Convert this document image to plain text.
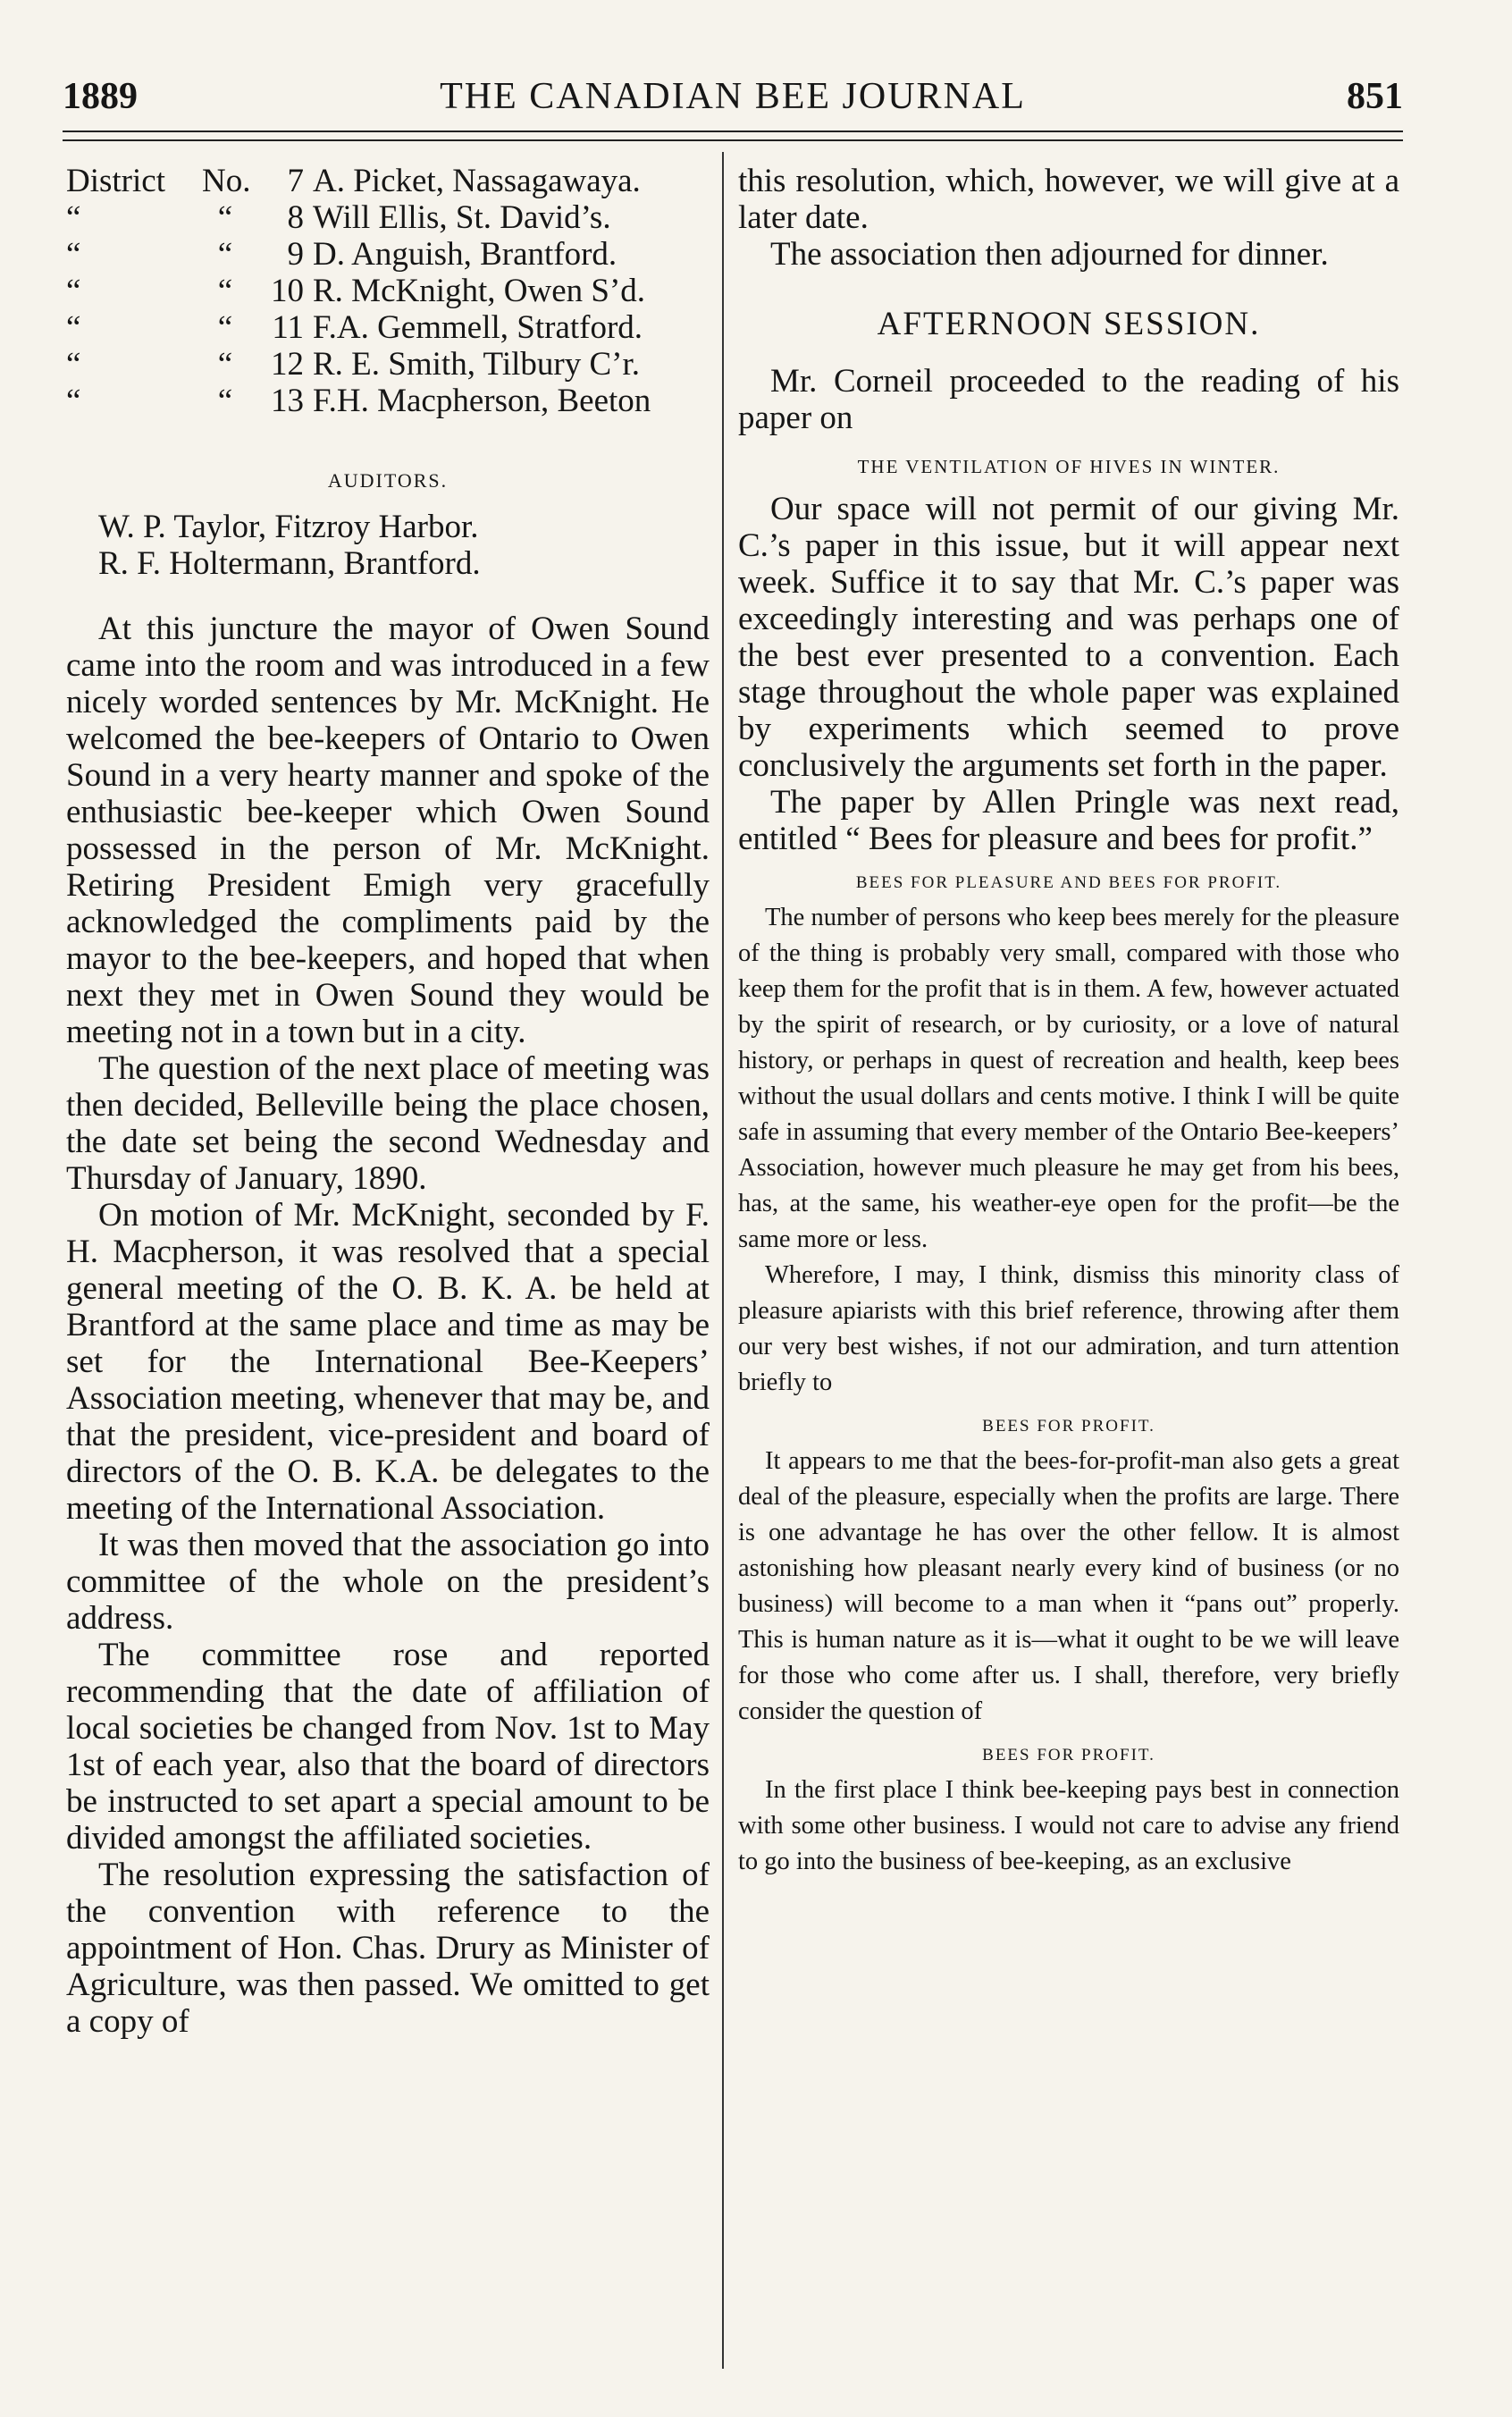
1889	THE CANADIAN BEE JOURNAL	851
District	No.	7 A. Picket, Nassagawaya.
“	“	8 Will Ellis, St. David’s.
“	“	9 D. Anguish, Brantford.
“	“	10 R. McKnight, Owen S’d.
“	“	11 F.A. Gemmell, Stratford.
“	“	12 R. E. Smith, Tilbury C’r.
“	“	13 F.H. Macpherson, Beeton
AUDITORS.
W. P. Taylor, Fitzroy Harbor.
R. F. Holtermann, Brantford.

At this juncture the mayor of Owen Sound came into the room and was introduced in a few nicely worded sentences by Mr. McKnight. He welcomed the bee-keepers of Ontario to Owen Sound in a very hearty manner and spoke of the enthusiastic bee-keeper which Owen Sound possessed in the person of Mr. McKnight. Retiring President Emigh very gracefully acknowledged the compliments paid by the mayor to the bee-keepers, and hoped that when next they met in Owen Sound they would be meeting not in a town but in a city.

The question of the next place of meeting was then decided, Belleville being the place chosen, the date set being the second Wednesday and Thursday of January, 1890.

On motion of Mr. McKnight, seconded by F. H. Macpherson, it was resolved that a special general meeting of the O. B. K. A. be held at Brantford at the same place and time as may be set for the International Bee-Keepers’ Association meeting, whenever that may be, and that the president, vice-president and board of directors of the O. B. K.A. be delegates to the meeting of the International Association.

It was then moved that the association go into committee of the whole on the president’s address.

The committee rose and reported recommending that the date of affiliation of local societies be changed from Nov. 1st to May 1st of each year, also that the board of directors be instructed to set apart a special amount to be divided amongst the affiliated societies.

The resolution expressing the satisfaction of the convention with reference to the appointment of Hon. Chas. Drury as Minister of Agriculture, was then passed. We omitted to get a copy of

this resolution, which, however, we will give at a later date.

The association then adjourned for dinner.

AFTERNOON SESSION.

Mr. Corneil proceeded to the reading of his paper on

THE VENTILATION OF HIVES IN WINTER.

Our space will not permit of our giving Mr. C.’s paper in this issue, but it will appear next week. Suffice it to say that Mr. C.’s paper was exceedingly interesting and was perhaps one of the best ever presented to a convention. Each stage throughout the whole paper was explained by experiments which seemed to prove conclusively the arguments set forth in the paper.

The paper by Allen Pringle was next read, entitled “ Bees for pleasure and bees for profit.”

BEES FOR PLEASURE AND BEES FOR PROFIT.

The number of persons who keep bees merely for the pleasure of the thing is probably very small, compared with those who keep them for the profit that is in them. A few, however actuated by the spirit of research, or by curiosity, or a love of natural history, or perhaps in quest of recreation and health, keep bees without the usual dollars and cents motive. I think I will be quite safe in assuming that every member of the Ontario Bee-keepers’ Association, however much pleasure he may get from his bees, has, at the same, his weather-eye open for the profit—be the same more or less.

Wherefore, I may, I think, dismiss this minority class of pleasure apiarists with this brief reference, throwing after them our very best wishes, if not our admiration, and turn attention briefly to

BEES FOR PROFIT.

It appears to me that the bees-for-profit-man also gets a great deal of the pleasure, especially when the profits are large. There is one advantage he has over the other fellow. It is almost astonishing how pleasant nearly every kind of business (or no business) will become to a man when it “pans out” properly. This is human nature as it is—what it ought to be we will leave for those who come after us. I shall, therefore, very briefly consider the question of

BEES FOR PROFIT.

In the first place I think bee-keeping pays best in connection with some other business. I would not care to advise any friend to go into the business of bee-keeping, as an exclusive
